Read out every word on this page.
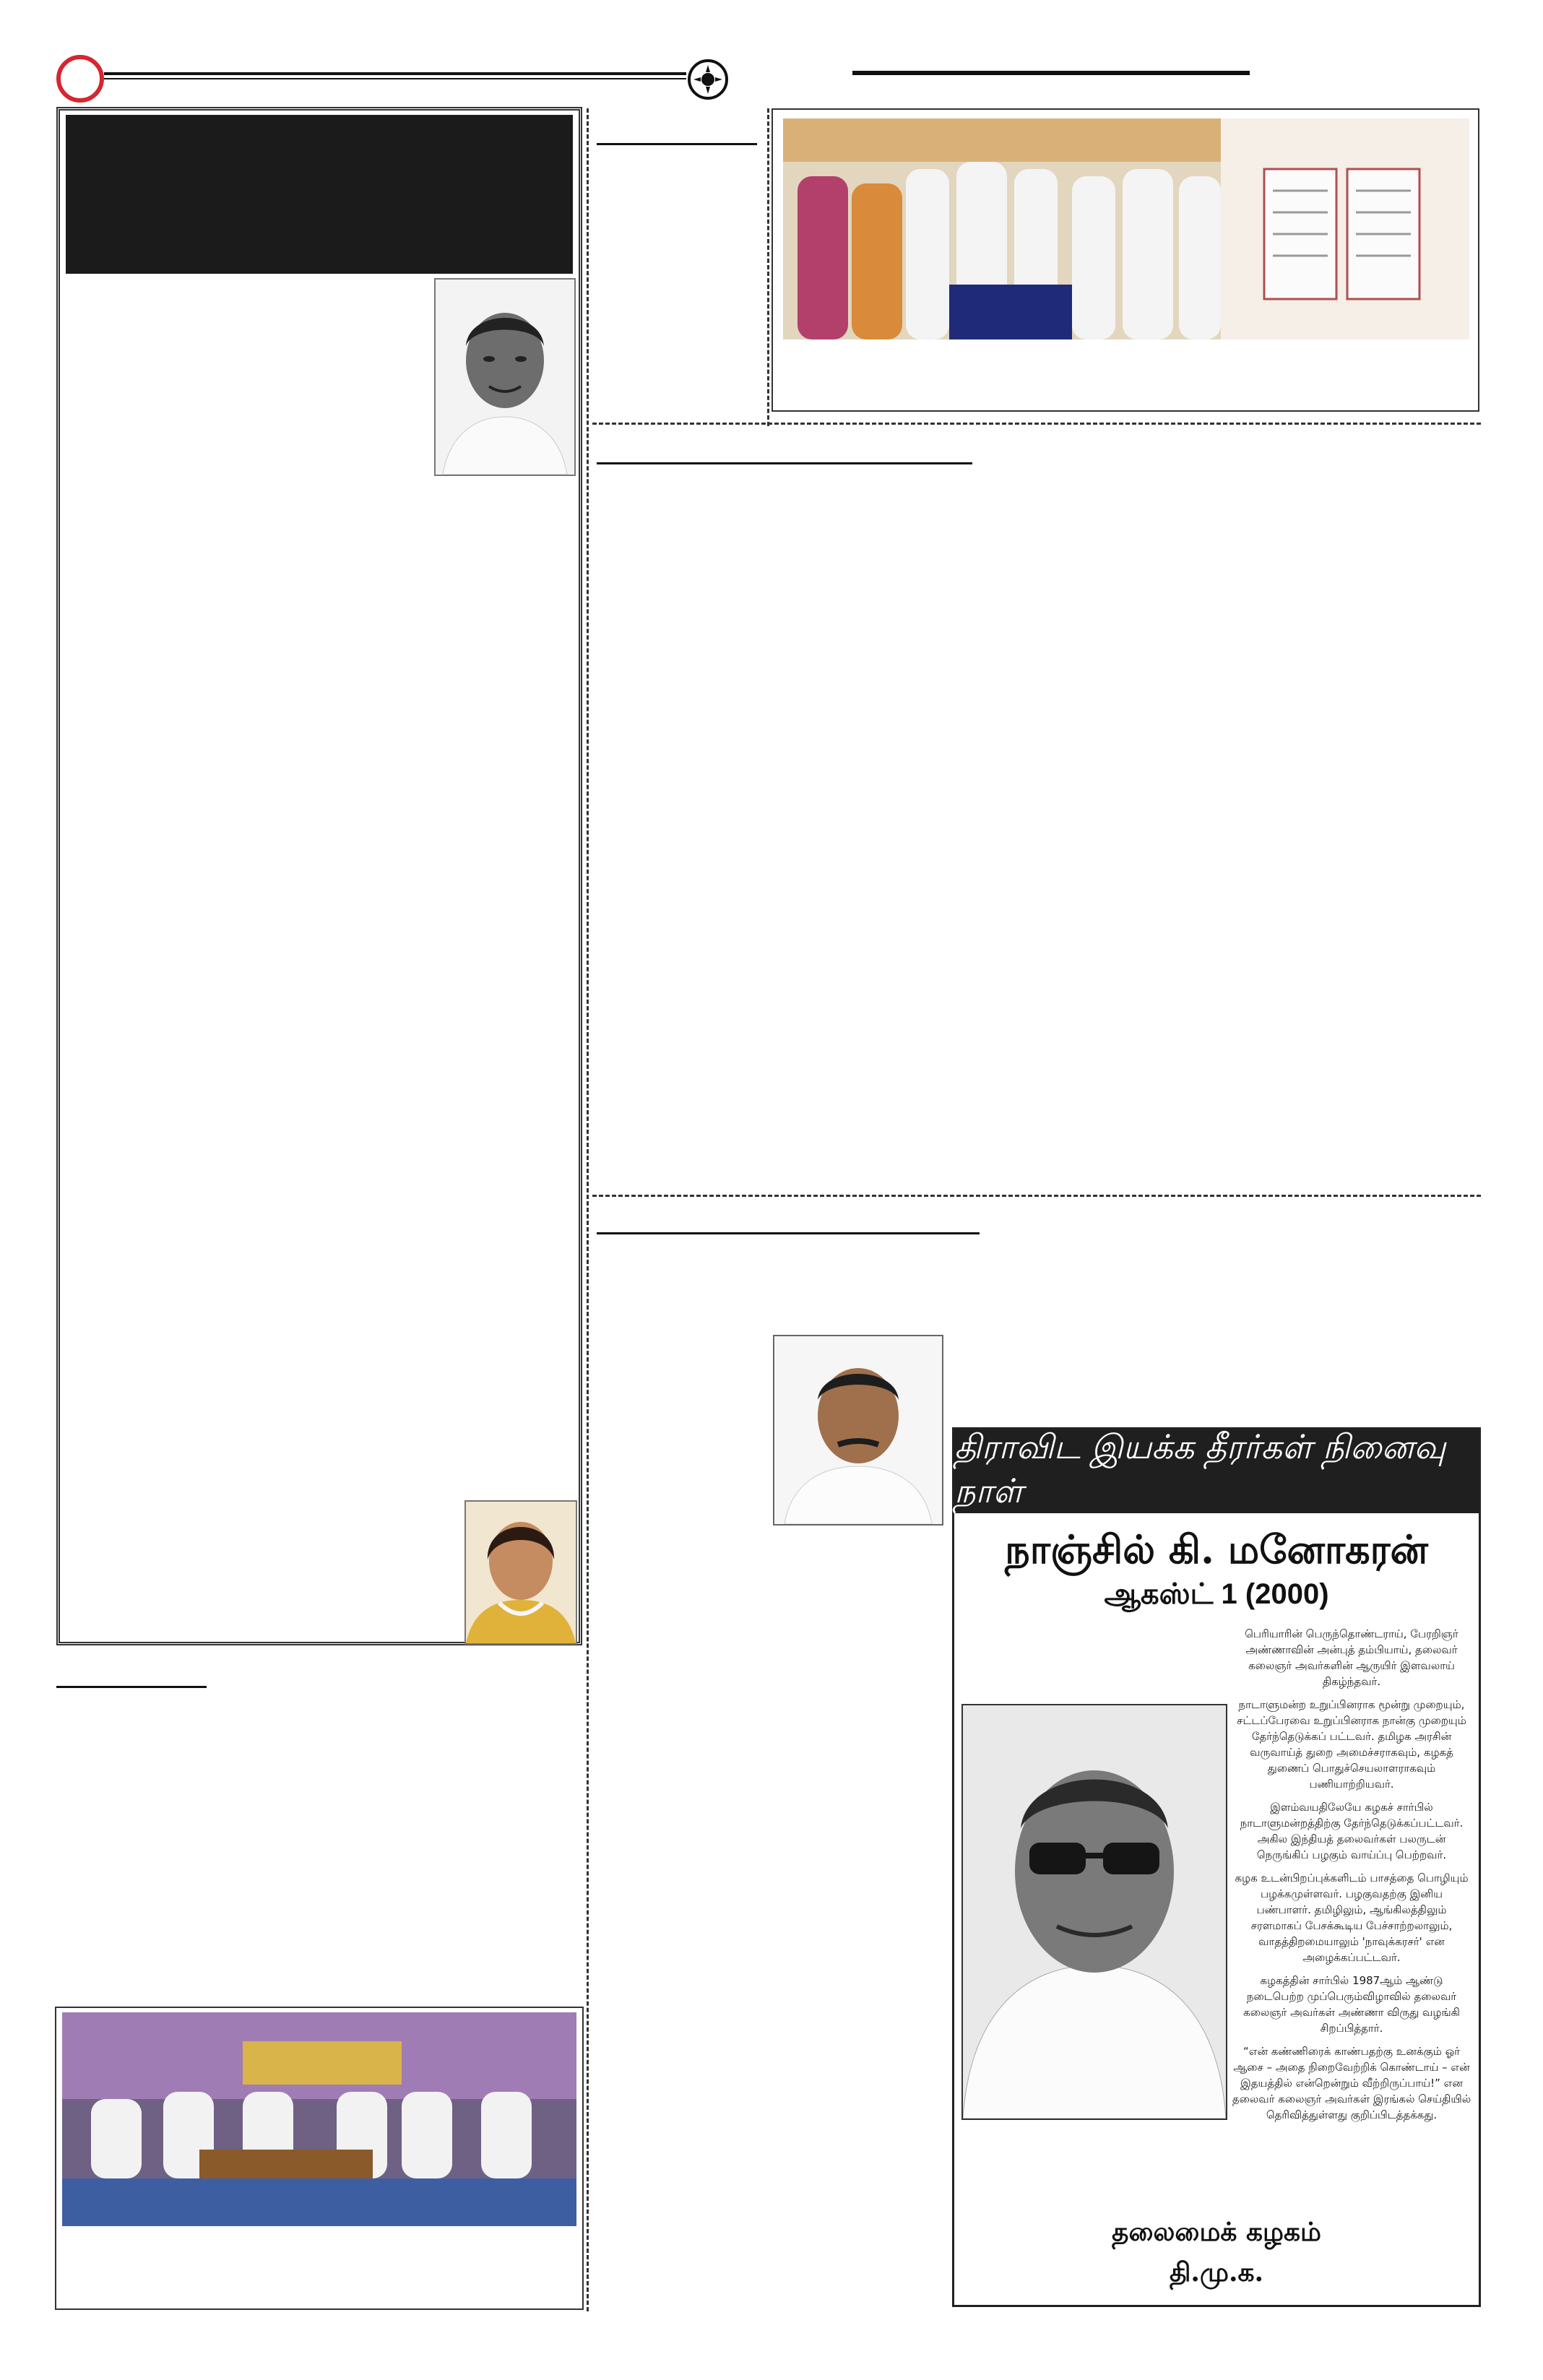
திராவிட இயக்க தீரர்கள் நினைவு நாள்
நாஞ்சில் கி. மனோகரன்
ஆகஸ்ட் 1 (2000)

பெரியாரின் பெருந்தொண்டராய், பேரறிஞர் அண்ணாவின் அன்புத் தம்பியாய், தலைவர் கலைஞர் அவர்களின் ஆருயிர் இளவலாய் திகழ்ந்தவர்.

நாடாளுமன்ற உறுப்பினராக மூன்று முறையும், சட்டப்பேரவை உறுப்பினராக நான்கு முறையும் தேர்ந்தெடுக்கப் பட்டவர். தமிழக அரசின் வருவாய்த் துறை அமைச்சராகவும், கழகத் துணைப் பொதுச்செயலாளராகவும் பணியாற்றியவர்.

இளம்வயதிலேயே கழகச் சார்பில் நாடாளுமன்றத்திற்கு தேர்ந்தெடுக்கப்பட்டவர். அகில இந்தியத் தலைவர்கள் பலருடன் நெருங்கிப் பழகும் வாய்ப்பு பெற்றவர்.

கழக உடன்பிறப்புக்களிடம் பாசத்தை பொழியும் பழக்கமுள்ளவர். பழகுவதற்கு இனிய பண்பாளர். தமிழிலும், ஆங்கிலத்திலும் சரளமாகப் பேசக்கூடிய பேச்சாற்றலாலும், வாதத்திறமையாலும் 'நாவுக்கரசர்' என அழைக்கப்பட்டவர்.

கழகத்தின் சார்பில் 1987ஆம் ஆண்டு நடைபெற்ற முப்பெரும்விழாவில் தலைவர் கலைஞர் அவர்கள் அண்ணா விருது வழங்கி சிறப்பித்தார்.

“என் கண்ணிரைக் காண்பதற்கு உனக்கும் ஓர் ஆசை – அதை நிறைவேற்றிக் கொண்டாய் – என் இதயத்தில் என்றென்றும் வீற்றிருப்பாய்!” என தலைவர் கலைஞர் அவர்கள் இரங்கல் செய்தியில் தெரிவித்துள்ளது குறிப்பிடத்தக்கது.

தலைமைக் கழகம்
தி.மு.க.
